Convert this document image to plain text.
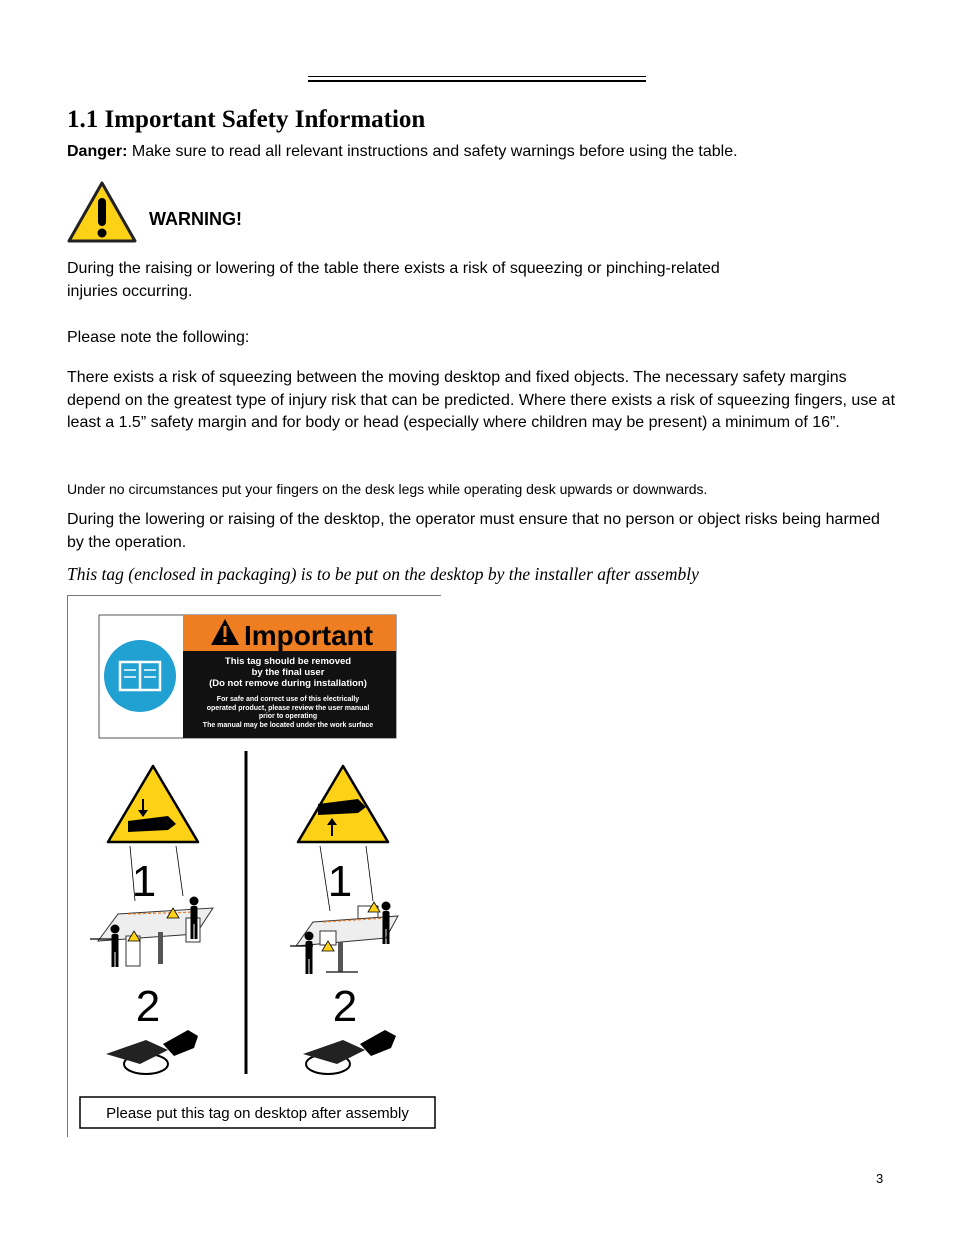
1.1 Important Safety Information

Danger: Make sure to read all relevant instructions and safety warnings before using the table.

WARNING!

During the raising or lowering of the table there exists a risk of squeezing or pinching-related

injuries occurring.

Please note the following:

There exists a risk of squeezing between the moving desktop and fixed objects. The necessary safety margins depend on the greatest type of injury risk that can be predicted. Where there exists a risk of squeezing fingers, use at least a 1.5” safety margin and for body or head (especially where children may be present) a minimum of 16”.

Under no circumstances put your fingers on the desk legs while operating desk upwards or downwards.

During the lowering or raising of the desktop, the operator must ensure that no person or object risks being harmed by the operation.

This tag (enclosed in packaging) is to be put on the desktop by the installer after assembly

Important
This tag should be removed
by the final user
(Do not remove during installation)
For safe and correct use of this electrically
operated product, please review the user manual
prior to operating
The manual may be located under the work surface
1
2
1
2
Please put this tag on desktop after assembly

3
